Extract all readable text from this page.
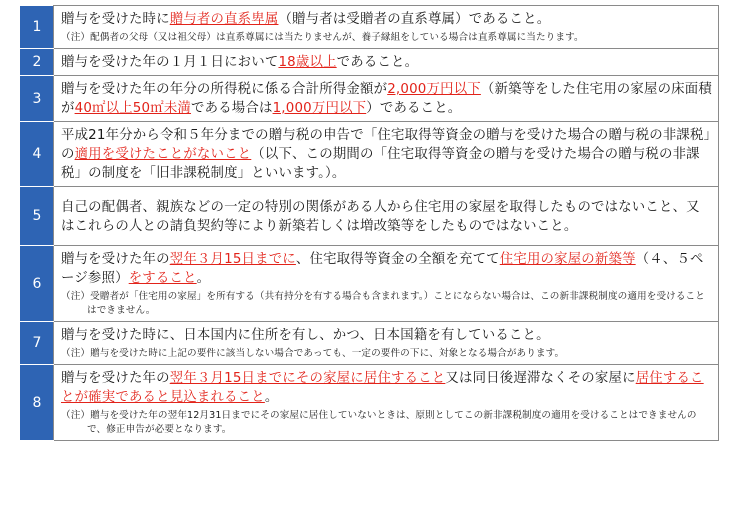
1	贈与を受けた時に贈与者の直系卑属（贈与者は受贈者の直系尊属）であること。
（注）配偶者の父母（又は祖父母）は直系尊属には当たりませんが、養子縁組をしている場合は直系尊属に当たります。

2	贈与を受けた年の１月１日において18歳以上であること。

3	贈与を受けた年の年分の所得税に係る合計所得金額が2,000万円以下（新築等をした住宅用の家屋の床面積が40㎡以上50㎡未満である場合は1,000万円以下）であること。

4	平成21年分から令和５年分までの贈与税の申告で「住宅取得等資金の贈与を受けた場合の贈与税の非課税」の適用を受けたことがないこと（以下、この期間の「住宅取得等資金の贈与を受けた場合の贈与税の非課税」の制度を「旧非課税制度」といいます。）。

5	自己の配偶者、親族などの一定の特別の関係がある人から住宅用の家屋を取得したものではないこと、又はこれらの人との請負契約等により新築若しくは増改築等をしたものではないこと。

6	贈与を受けた年の翌年３月15日までに、住宅取得等資金の全額を充てて住宅用の家屋の新築等（４、５ページ参照）をすること。
（注）受贈者が「住宅用の家屋」を所有する（共有持分を有する場合も含まれます。）ことにならない場合は、この新非課税制度の適用を受けることはできません。

7	贈与を受けた時に、日本国内に住所を有し、かつ、日本国籍を有していること。
（注）贈与を受けた時に上記の要件に該当しない場合であっても、一定の要件の下に、対象となる場合があります。

8	贈与を受けた年の翌年３月15日までにその家屋に居住すること又は同日後遅滞なくその家屋に居住することが確実であると見込まれること。
（注）贈与を受けた年の翌年12月31日までにその家屋に居住していないときは、原則としてこの新非課税制度の適用を受けることはできませんので、修正申告が必要となります。
